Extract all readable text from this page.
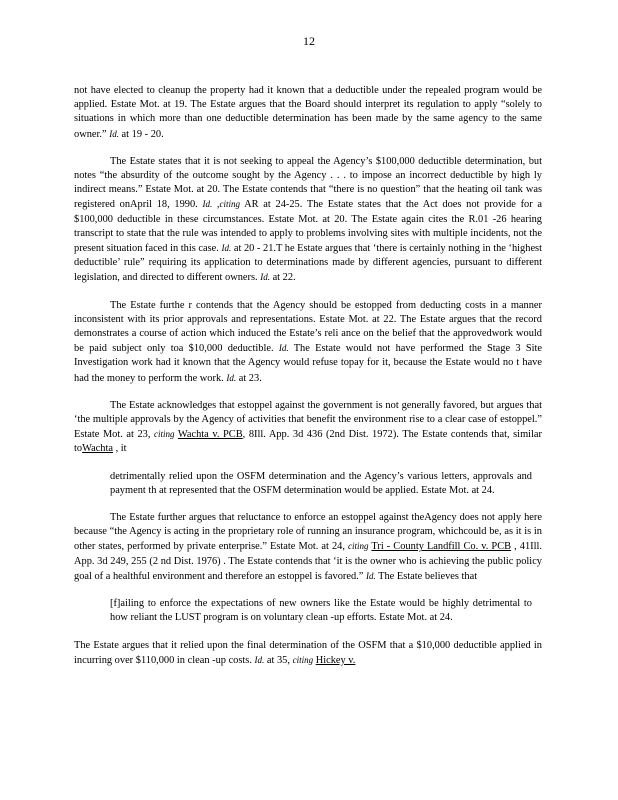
12

not have elected to cleanup the property had it known that a deductible under the repealed program would be applied. Estate Mot. at 19. The Estate argues that the Board should interpret its regulation to apply “solely to situations in which more than one deductible determination has been made by the same agency to the same owner.” Id. at 19 - 20.

The Estate states that it is not seeking to appeal the Agency’s $100,000 deductible determination, but notes “the absurdity of the outcome sought by the Agency . . . to impose an incorrect deductible by high ly indirect means.” Estate Mot. at 20. The Estate contends that “there is no question” that the heating oil tank was registered onApril 18, 1990. Id. ,citing AR at 24-25. The Estate states that the Act does not provide for a $100,000 deductible in these circumstances. Estate Mot. at 20. The Estate again cites the R.01 -26 hearing transcript to state that the rule was intended to apply to problems involving sites with multiple incidents, not the present situation faced in this case. Id. at 20 - 21.T he Estate argues that ‘there is certainly nothing in the ‘highest deductible’ rule” requiring its application to determinations made by different agencies, pursuant to different legislation, and directed to different owners. Id. at 22.

The Estate furthe r contends that the Agency should be estopped from deducting costs in a manner inconsistent with its prior approvals and representations. Estate Mot. at 22. The Estate argues that the record demonstrates a course of action which induced the Estate’s reli ance on the belief that the approvedwork would be paid subject only toa $10,000 deductible. Id. The Estate would not have performed the Stage 3 Site Investigation work had it known that the Agency would refuse topay for it, because the Estate would no t have had the money to perform the work. Id. at 23.

The Estate acknowledges that estoppel against the government is not generally favored, but argues that ‘the multiple approvals by the Agency of activities that benefit the environment rise to a clear case of estoppel.” Estate Mot. at 23, citing Wachta v. PCB, 8Ill. App. 3d 436 (2nd Dist. 1972). The Estate contends that, similar toWachta , it

detrimentally relied upon the OSFM determination and the Agency’s various letters, approvals and payment th at represented that the OSFM determination would be applied. Estate Mot. at 24.

The Estate further argues that reluctance to enforce an estoppel against theAgency does not apply here because “the Agency is acting in the proprietary role of running an insurance program, whichcould be, as it is in other states, performed by private enterprise.” Estate Mot. at 24, citing Tri - County Landfill Co. v. PCB , 41Ill. App. 3d 249, 255 (2 nd Dist. 1976) . The Estate contends that ‘it is the owner who is achieving the public policy goal of a healthful environment and therefore an estoppel is favored.” Id. The Estate believes that

[f]ailing to enforce the expectations of new owners like the Estate would be highly detrimental to how reliant the LUST program is on voluntary clean -up efforts. Estate Mot. at 24.

The Estate argues that it relied upon the final determination of the OSFM that a $10,000 deductible applied in incurring over $110,000 in clean -up costs. Id. at 35, citing Hickey v.
